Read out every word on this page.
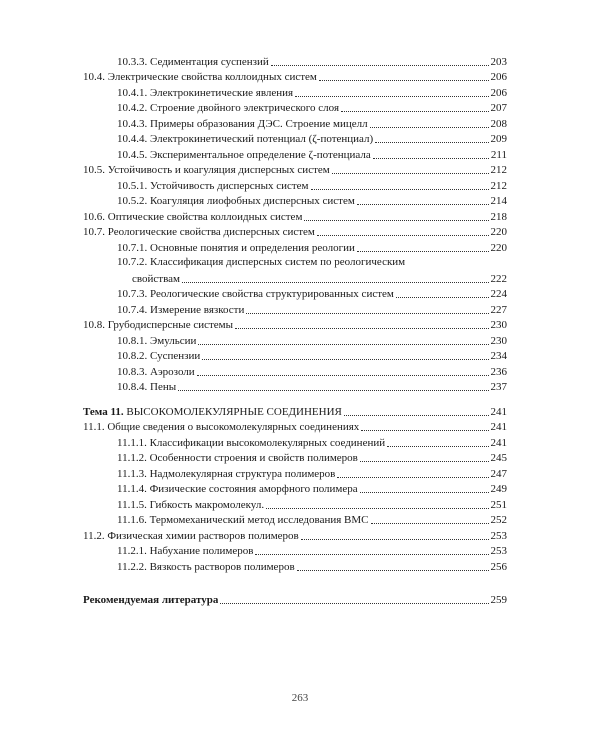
10.3.3. Седиментация суспензий	203
10.4. Электрические свойства коллоидных систем	206
10.4.1. Электрокинетические явления	206
10.4.2. Строение двойного электрического слоя	207
10.4.3. Примеры образования ДЭС. Строение мицелл	208
10.4.4. Электрокинетический потенциал (ζ-потенциал)	209
10.4.5. Экспериментальное определение ζ-потенциала	211
10.5. Устойчивость и коагуляция дисперсных систем	212
10.5.1. Устойчивость дисперсных систем	212
10.5.2. Коагуляция лиофобных дисперсных систем	214
10.6. Оптические свойства коллоидных систем	218
10.7. Реологические свойства дисперсных систем	220
10.7.1. Основные понятия и определения реологии	220
10.7.2. Классификация дисперсных систем по реологическим
свойствам	222
10.7.3. Реологические свойства структурированных систем	224
10.7.4. Измерение вязкости	227
10.8. Грубодисперсные системы	230
10.8.1. Эмульсии	230
10.8.2. Суспензии	234
10.8.3. Аэрозоли	236
10.8.4. Пены	237
Тема 11. ВЫСОКОМОЛЕКУЛЯРНЫЕ СОЕДИНЕНИЯ	241
11.1. Общие сведения о высокомолекулярных соединениях	241
11.1.1. Классификации высокомолекулярных соединений	241
11.1.2. Особенности строения и свойств полимеров	245
11.1.3. Надмолекулярная структура полимеров	247
11.1.4. Физические состояния аморфного полимера	249
11.1.5. Гибкость макромолекул.	251
11.1.6. Термомеханический метод исследования ВМС	252
11.2. Физическая химии растворов полимеров	253
11.2.1. Набухание полимеров	253
11.2.2. Вязкость растворов полимеров	256
Рекомендуемая литература	259
263
